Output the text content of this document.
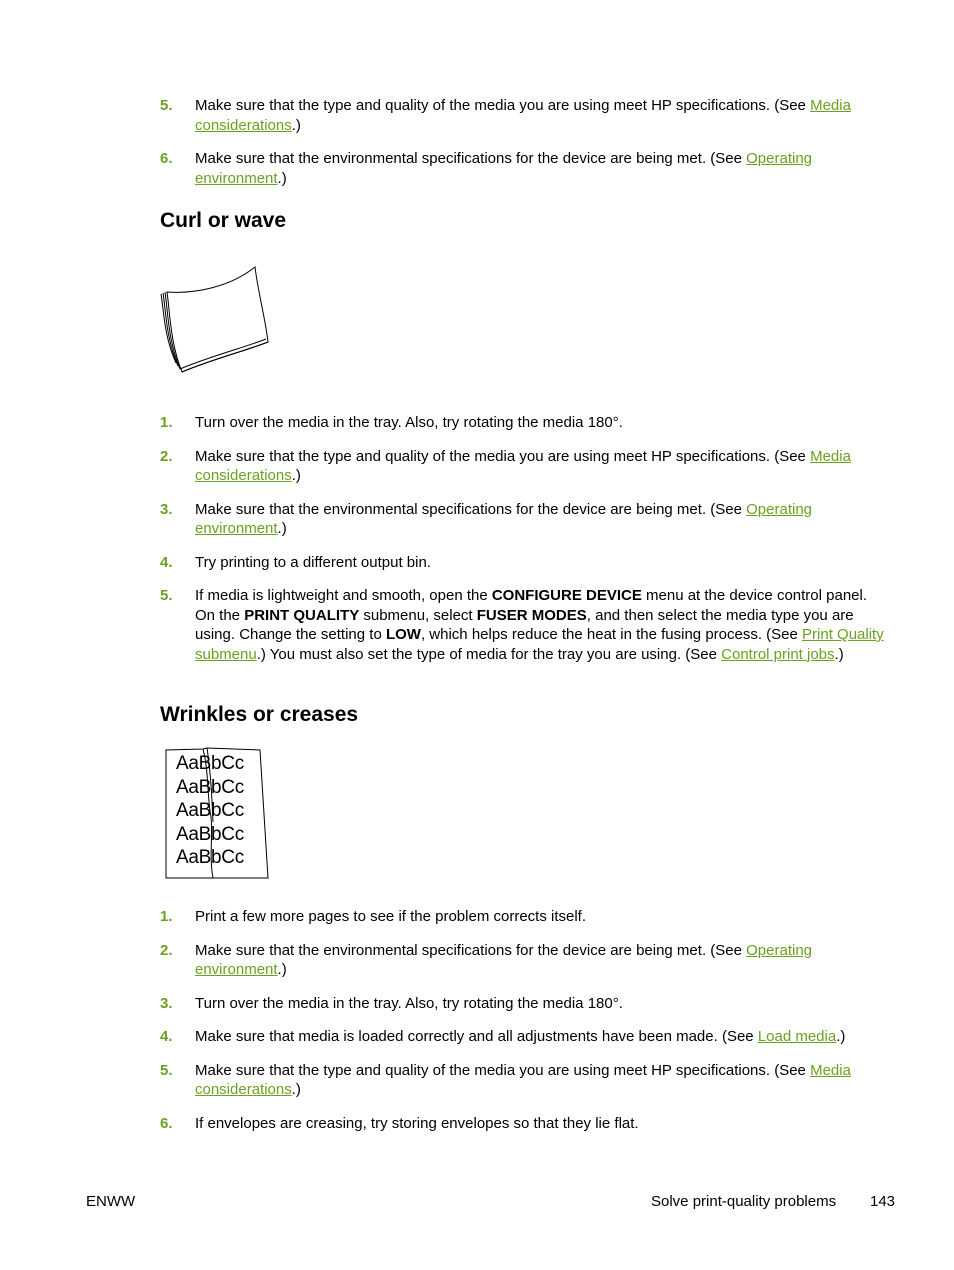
5.	Make sure that the type and quality of the media you are using meet HP specifications. (See Media considerations.)
6.	Make sure that the environmental specifications for the device are being met. (See Operating environment.)
Curl or wave
1.	Turn over the media in the tray. Also, try rotating the media 180°.
2.	Make sure that the type and quality of the media you are using meet HP specifications. (See Media considerations.)
3.	Make sure that the environmental specifications for the device are being met. (See Operating environment.)
4.	Try printing to a different output bin.
5.	If media is lightweight and smooth, open the CONFIGURE DEVICE menu at the device control panel. On the PRINT QUALITY submenu, select FUSER MODES, and then select the media type you are using. Change the setting to LOW, which helps reduce the heat in the fusing process. (See Print Quality submenu.) You must also set the type of media for the tray you are using. (See Control print jobs.)
Wrinkles or creases
AaBbCc
AaBbCc
AaBbCc
AaBbCc
AaBbCc
1.	Print a few more pages to see if the problem corrects itself.
2.	Make sure that the environmental specifications for the device are being met. (See Operating environment.)
3.	Turn over the media in the tray. Also, try rotating the media 180°.
4.	Make sure that media is loaded correctly and all adjustments have been made. (See Load media.)
5.	Make sure that the type and quality of the media you are using meet HP specifications. (See Media considerations.)
6.	If envelopes are creasing, try storing envelopes so that they lie flat.
ENWW	Solve print-quality problems 143
